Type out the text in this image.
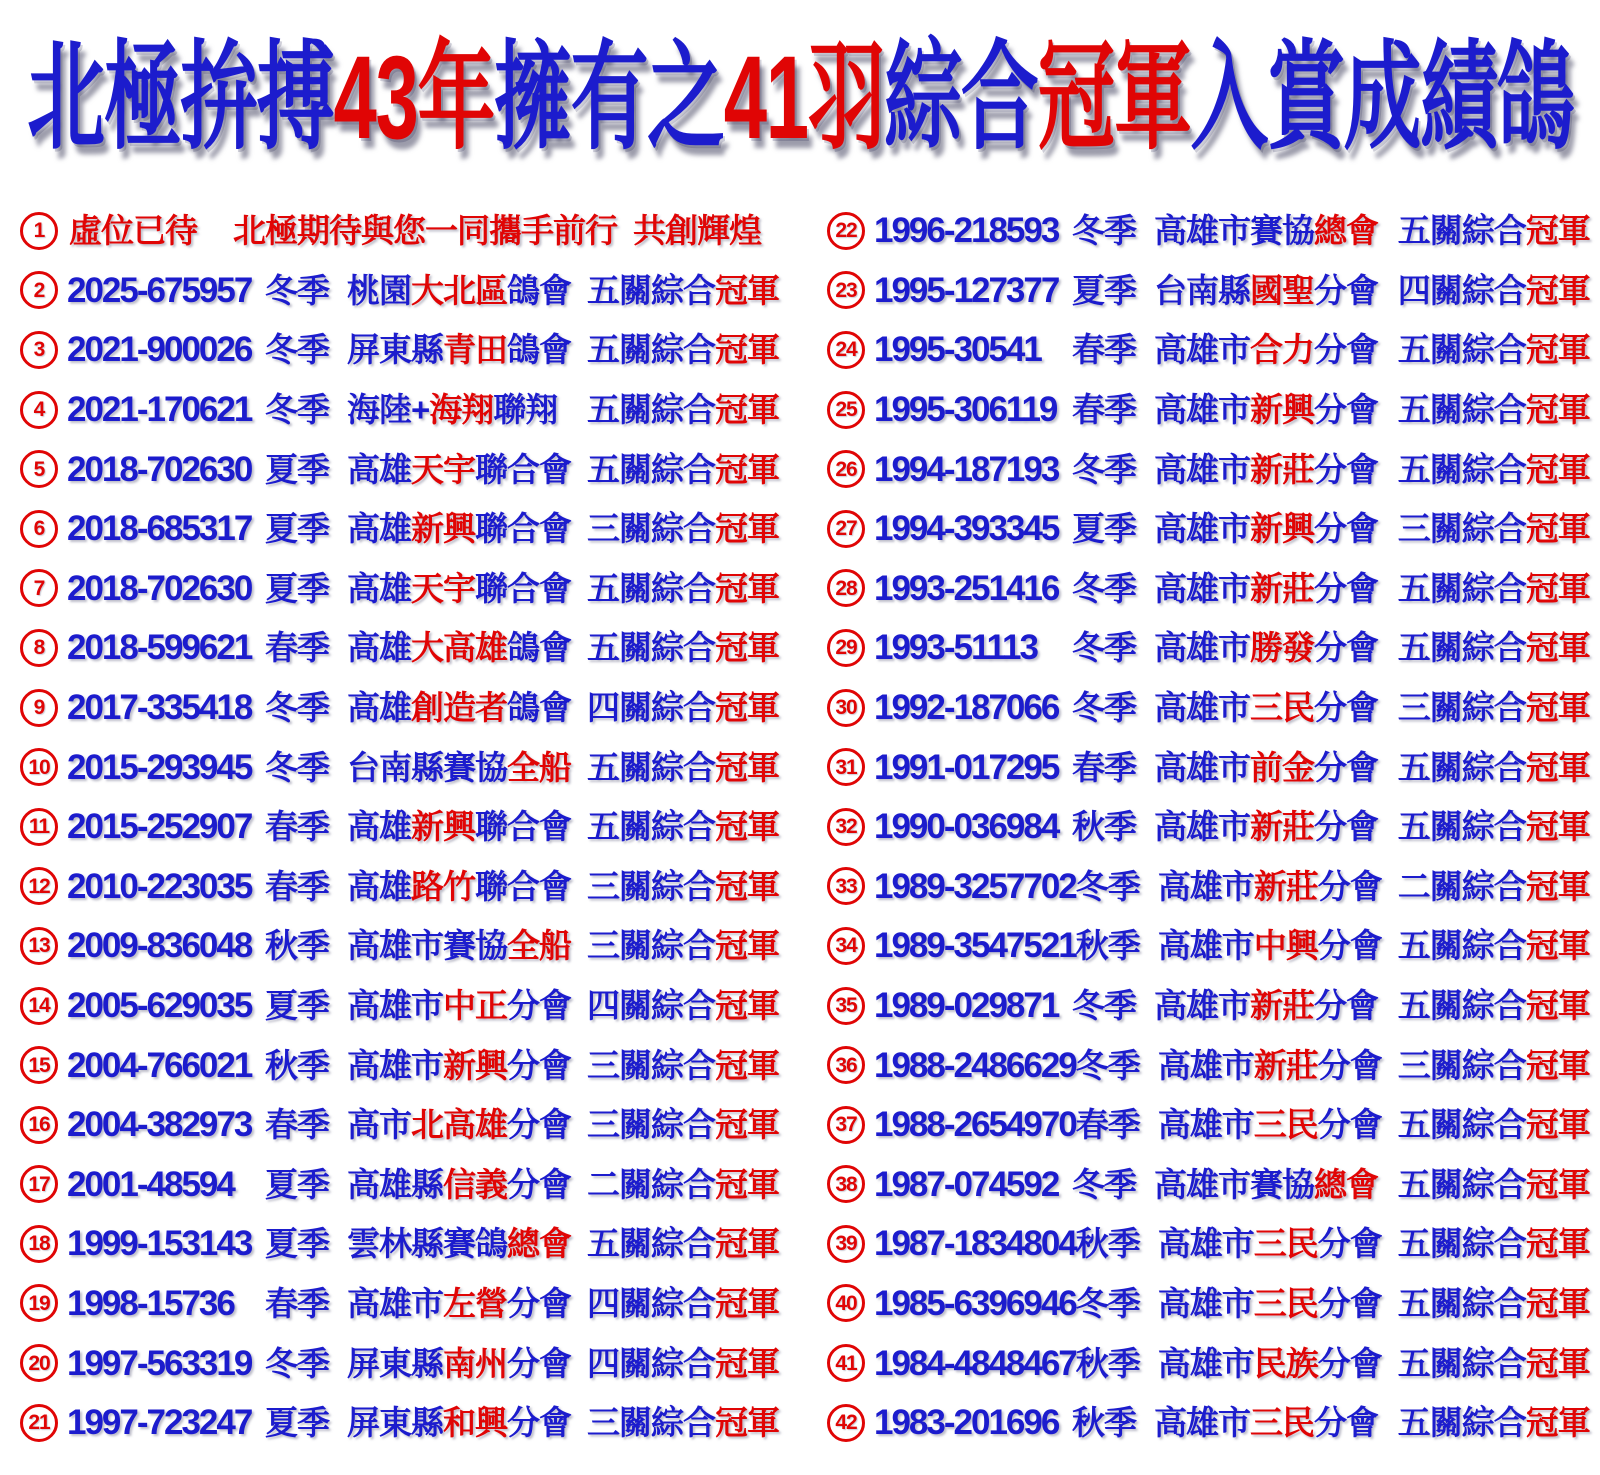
北極拚搏43年擁有之41羽綜合冠軍入賞成績鴿
1 虛位已待 北極期待與您一同攜手前行 共創輝煌
2 2025-675957 冬季 桃園大北區鴿會 五關綜合冠軍
3 2021-900026 冬季 屏東縣青田鴿會 五關綜合冠軍
4 2021-170621 冬季 海陸+海翔聯翔 五關綜合冠軍
5 2018-702630 夏季 高雄天宇聯合會 五關綜合冠軍
6 2018-685317 夏季 高雄新興聯合會 三關綜合冠軍
7 2018-702630 夏季 高雄天宇聯合會 五關綜合冠軍
8 2018-599621 春季 高雄大高雄鴿會 五關綜合冠軍
9 2017-335418 冬季 高雄創造者鴿會 四關綜合冠軍
10 2015-293945 冬季 台南縣賽協全船 五關綜合冠軍
11 2015-252907 春季 高雄新興聯合會 五關綜合冠軍
12 2010-223035 春季 高雄路竹聯合會 三關綜合冠軍
13 2009-836048 秋季 高雄市賽協全船 三關綜合冠軍
14 2005-629035 夏季 高雄市中正分會 四關綜合冠軍
15 2004-766021 秋季 高雄市新興分會 三關綜合冠軍
16 2004-382973 春季 高市北高雄分會 三關綜合冠軍
17 2001-48594 夏季 高雄縣信義分會 二關綜合冠軍
18 1999-153143 夏季 雲林縣賽鴿總會 五關綜合冠軍
19 1998-15736 春季 高雄市左營分會 四關綜合冠軍
20 1997-563319 冬季 屏東縣南州分會 四關綜合冠軍
21 1997-723247 夏季 屏東縣和興分會 三關綜合冠軍
22 1996-218593 冬季 高雄市賽協總會 五關綜合冠軍
23 1995-127377 夏季 台南縣國聖分會 四關綜合冠軍
24 1995-30541 春季 高雄市合力分會 五關綜合冠軍
25 1995-306119 春季 高雄市新興分會 五關綜合冠軍
26 1994-187193 冬季 高雄市新莊分會 五關綜合冠軍
27 1994-393345 夏季 高雄市新興分會 三關綜合冠軍
28 1993-251416 冬季 高雄市新莊分會 五關綜合冠軍
29 1993-51113	冬季 高雄市勝發分會 五關綜合冠軍
30 1992-187066 冬季 高雄市三民分會 三關綜合冠軍
31 1991-017295 春季 高雄市前金分會 五關綜合冠軍
32 1990-036984 秋季 高雄市新莊分會 五關綜合冠軍
33 1989-3257702 冬季 高雄市新莊分會 二關綜合冠軍
34 1989-3547521 秋季 高雄市中興分會 五關綜合冠軍
35 1989-029871 冬季 高雄市新莊分會 五關綜合冠軍
36 1988-2486629 冬季 高雄市新莊分會 三關綜合冠軍
37 1988-2654970 春季 高雄市三民分會 五關綜合冠軍
38 1987-074592 冬季 高雄市賽協總會 五關綜合冠軍
39 1987-1834804 秋季 高雄市三民分會 五關綜合冠軍
40 1985-6396946 冬季 高雄市三民分會 五關綜合冠軍
41 1984-4848467 秋季 高雄市民族分會 五關綜合冠軍
42 1983-201696 秋季 高雄市三民分會 五關綜合冠軍
